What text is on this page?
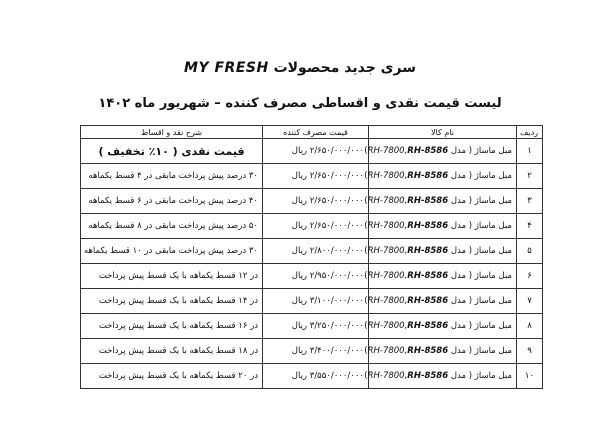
سری جدید محصولات MY FRESH
لیست قیمت نقدی و اقساطی مصرف کننده – شهریور ماه ۱۴۰۲
ردیف	نام کالا	قیمت مصرف کننده	شرح نقد و اقساط
۱	مبل ماساژ ( مدل RH-7800,RH-8586)	۲/۶۵۰/۰۰۰/۰۰۰ ریال	قیمت نقدی ( ۱۰٪ تخفیف )
۲	مبل ماساژ ( مدل RH-7800,RH-8586)	۲/۶۵۰/۰۰۰/۰۰۰ ریال	۳۰ درصد پیش پرداخت مابقی در ۴ قسط یکماهه
۳	مبل ماساژ ( مدل RH-7800,RH-8586)	۲/۶۵۰/۰۰۰/۰۰۰ ریال	۴۰ درصد پیش پرداخت مابقی در ۶ قسط یکماهه
۴	مبل ماساژ ( مدل RH-7800,RH-8586)	۲/۶۵۰/۰۰۰/۰۰۰ ریال	۵۰ درصد پیش پرداخت مابقی در ۸ قسط یکماهه
۵	مبل ماساژ ( مدل RH-7800,RH-8586)	۲/۸۰۰/۰۰۰/۰۰۰ ریال	۳۰ درصد پیش پرداخت مابقی در ۱۰ قسط یکماهه
۶	مبل ماساژ ( مدل RH-7800,RH-8586)	۲/۹۵۰/۰۰۰/۰۰۰ ریال	در ۱۲ قسط یکماهه با یک قسط پیش پرداخت
۷	مبل ماساژ ( مدل RH-7800,RH-8586)	۳/۱۰۰/۰۰۰/۰۰۰ ریال	در ۱۴ قسط یکماهه با یک قسط پیش پرداخت
۸	مبل ماساژ ( مدل RH-7800,RH-8586)	۳/۲۵۰/۰۰۰/۰۰۰ ریال	در ۱۶ قسط یکماهه با یک قسط پیش پرداخت
۹	مبل ماساژ ( مدل RH-7800,RH-8586)	۳/۴۰۰/۰۰۰/۰۰۰ ریال	در ۱۸ قسط یکماهه با یک قسط پیش پرداخت
۱۰	مبل ماساژ ( مدل RH-7800,RH-8586)	۳/۵۵۰/۰۰۰/۰۰۰ ریال	در ۲۰ قسط یکماهه با یک قسط پیش پرداخت
